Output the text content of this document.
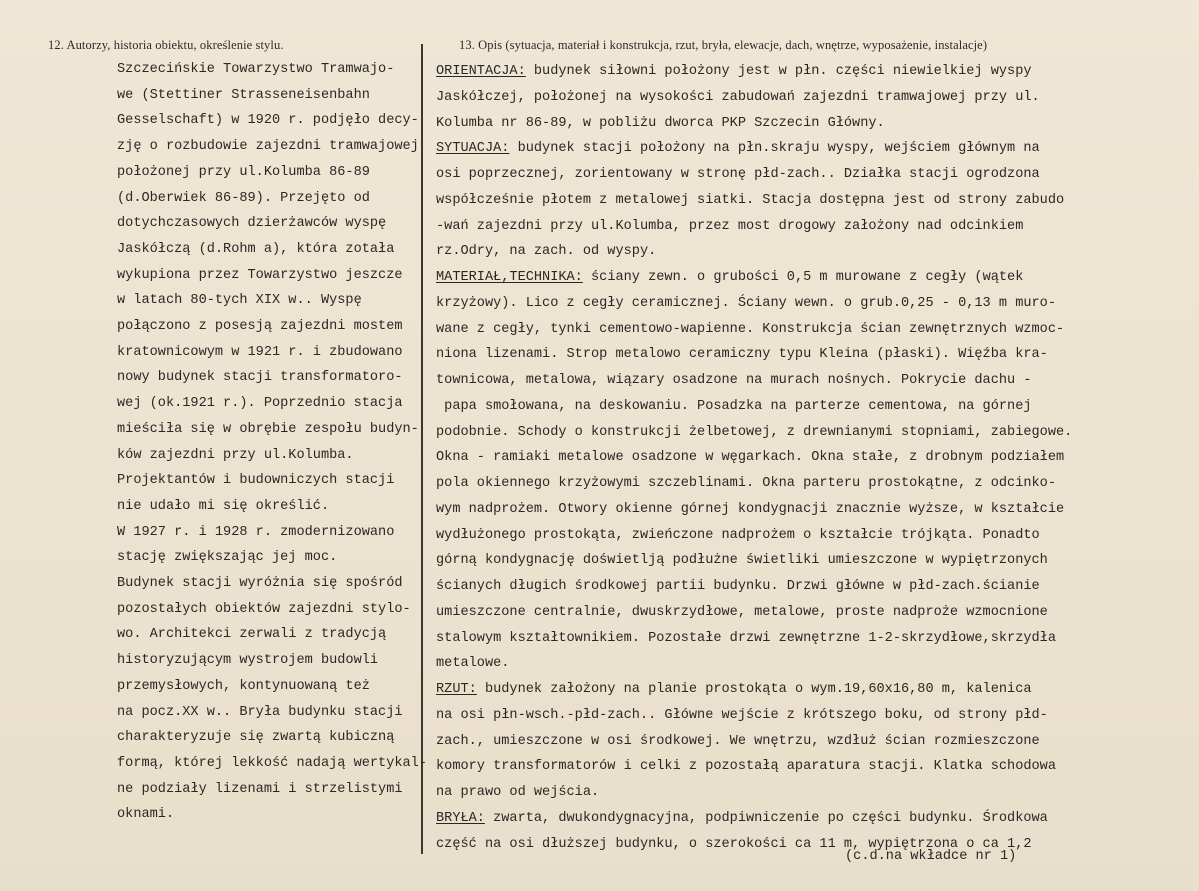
12. Autorzy, historia obiektu, określenie stylu.	13. Opis (sytuacja, materiał i konstrukcja, rzut, bryła, elewacje, dach, wnętrze, wyposażenie, instalacje)
Szczecińskie Towarzystwo Tramwajo-
we (Stettiner Strasseneisenbahn
Gesselschaft) w 1920 r. podjęło decy-
zję o rozbudowie zajezdni tramwajowej
położonej przy ul.Kolumba 86-89
(d.Oberwiek 86-89). Przejęto od
dotychczasowych dzierżawców wyspę
Jaskółczą (d.Rohm a), która zotała
wykupiona przez Towarzystwo jeszcze
w latach 80-tych XIX w.. Wyspę
połączono z posesją zajezdni mostem
kratownicowym w 1921 r. i zbudowano
nowy budynek stacji transformatoro-
wej (ok.1921 r.). Poprzednio stacja
mieściła się w obrębie zespołu budyn-
ków zajezdni przy ul.Kolumba.
Projektantów i budowniczych stacji
nie udało mi się określić.
W 1927 r. i 1928 r. zmodernizowano
stację zwiększając jej moc.
Budynek stacji wyróżnia się spośród
pozostałych obiektów zajezdni stylo-
wo. Architekci zerwali z tradycją
historyzującym wystrojem budowli
przemysłowych, kontynuowaną też
na pocz.XX w.. Bryła budynku stacji
charakteryzuje się zwartą kubiczną
formą, której lekkość nadają wertykal-
ne podziały lizenami i strzelistymi
oknami.
ORIENTACJA: budynek siłowni położony jest w płn. części niewielkiej wyspy
Jaskółczej, położonej na wysokości zabudowań zajezdni tramwajowej przy ul.
Kolumba nr 86-89, w pobliżu dworca PKP Szczecin Główny.
SYTUACJA: budynek stacji położony na płn.skraju wyspy, wejściem głównym na
osi poprzecznej, zorientowany w stronę płd-zach.. Działka stacji ogrodzona
współcześnie płotem z metalowej siatki. Stacja dostępna jest od strony zabudo
-wań zajezdni przy ul.Kolumba, przez most drogowy założony nad odcinkiem
rz.Odry, na zach. od wyspy.
MATERIAŁ,TECHNIKA: ściany zewn. o grubości 0,5 m murowane z cegły (wątek
krzyżowy). Lico z cegły ceramicznej. Ściany wewn. o grub.0,25 - 0,13 m muro-
wane z cegły, tynki cementowo-wapienne. Konstrukcja ścian zewnętrznych wzmoc-
niona lizenami. Strop metalowo ceramiczny typu Kleina (płaski). Więźba kra-
townicowa, metalowa, wiązary osadzone na murach nośnych. Pokrycie dachu -
papa smołowana, na deskowaniu. Posadzka na parterze cementowa, na górnej
podobnie. Schody o konstrukcji żelbetowej, z drewnianymi stopniami, zabiegowe.
Okna - ramiaki metalowe osadzone w węgarkach. Okna stałe, z drobnym podziałem
pola okiennego krzyżowymi szczeblinami. Okna parteru prostokątne, z odcinko-
wym nadprożem. Otwory okienne górnej kondygnacji znacznie wyższe, w kształcie
wydłużonego prostokąta, zwieńczone nadprożem o kształcie trójkąta. Ponadto
górną kondygnację doświetlją podłużne świetliki umieszczone w wypiętrzonych
ścianych długich środkowej partii budynku. Drzwi główne w płd-zach.ścianie
umieszczone centralnie, dwuskrzydłowe, metalowe, proste nadproże wzmocnione
stalowym kształtownikiem. Pozostałe drzwi zewnętrzne 1-2-skrzydłowe,skrzydła
metalowe.
RZUT: budynek założony na planie prostokąta o wym.19,60x16,80 m, kalenica
na osi płn-wsch.-płd-zach.. Główne wejście z krótszego boku, od strony płd-
zach., umieszczone w osi środkowej. We wnętrzu, wzdłuż ścian rozmieszczone
komory transformatorów i celki z pozostałą aparatura stacji. Klatka schodowa
na prawo od wejścia.
BRYŁA: zwarta, dwukondygnacyjna, podpiwniczenie po części budynku. Środkowa
część na osi dłuższej budynku, o szerokości ca 11 m, wypiętrzona o ca 1,2
(c.d.na wkładce nr 1)
